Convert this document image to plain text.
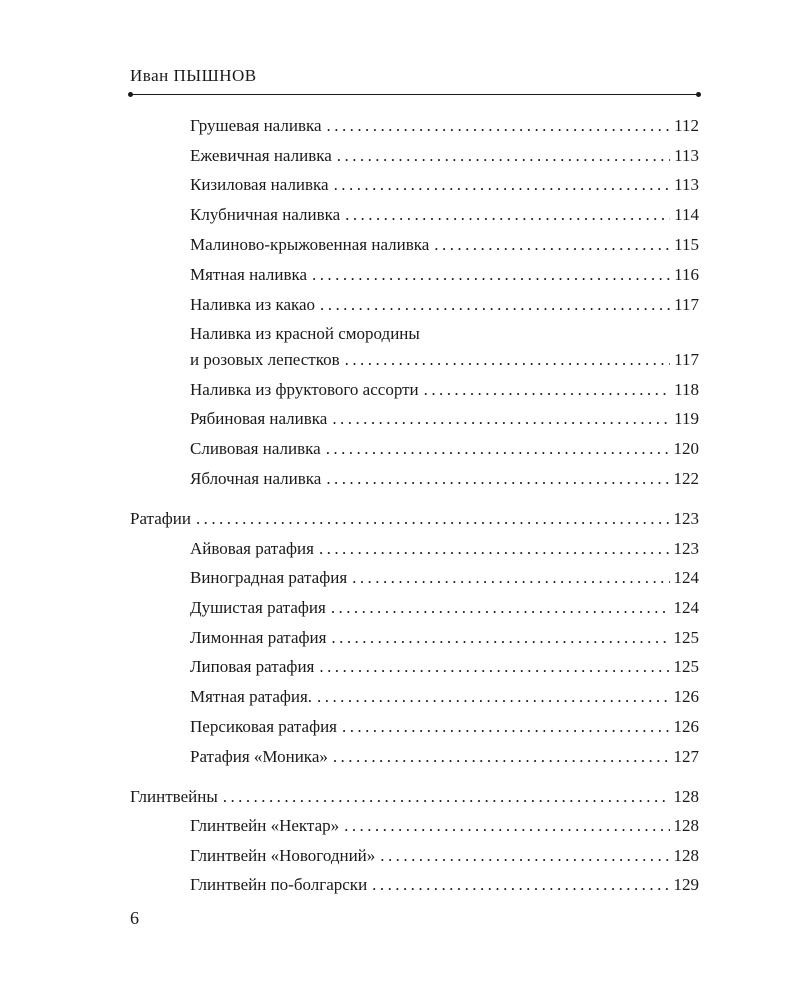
Иван ПЫШНОВ
Грушевая наливка . . .	112
Ежевичная наливка . . .	113
Кизиловая наливка . . .	113
Клубничная наливка . . .	114
Малиново-крыжовенная наливка . . .	115
Мятная наливка . . .	116
Наливка из какао . . .	117
Наливка из красной смородины
и розовых лепестков . . .	117
Наливка из фруктового ассорти . . .	118
Рябиновая наливка . . .	119
Сливовая наливка . . .	120
Яблочная наливка . . .	122
Ратафии . . .	123
Айвовая ратафия . . .	123
Виноградная ратафия . . .	124
Душистая ратафия . . .	124
Лимонная ратафия . . .	125
Липовая ратафия . . .	125
Мятная ратафия. . . .	126
Персиковая ратафия . . .	126
Ратафия «Моника» . . .	127
Глинтвейны . . .	128
Глинтвейн «Нектар» . . .	128
Глинтвейн «Новогодний» . . .	128
Глинтвейн по-болгарски . . .	129
6
